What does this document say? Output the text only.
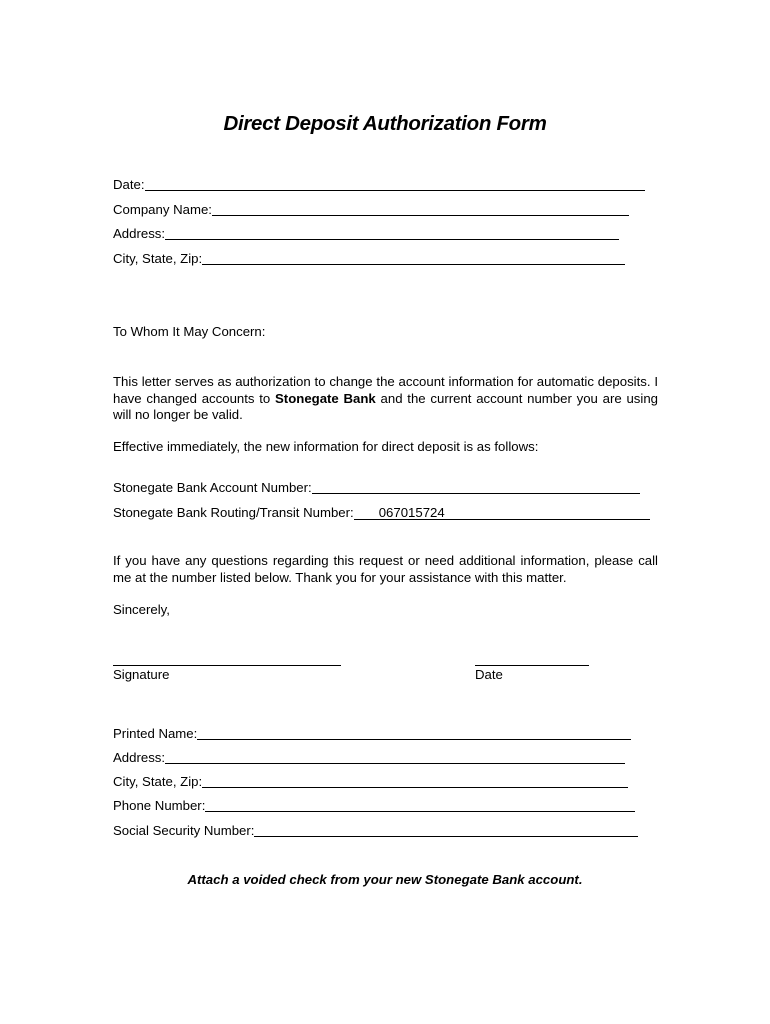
Direct Deposit Authorization Form
Date:
Company Name:
Address:
City, State, Zip:
To Whom It May Concern:
This letter serves as authorization to change the account information for automatic deposits. I have changed accounts to Stonegate Bank and the current account number you are using will no longer be valid.
Effective immediately, the new information for direct deposit is as follows:
Stonegate Bank Account Number:
Stonegate Bank Routing/Transit Number: 067015724
If you have any questions regarding this request or need additional information, please call me at the number listed below. Thank you for your assistance with this matter.
Sincerely,
Signature	Date
Printed Name:
Address:
City, State, Zip:
Phone Number:
Social Security Number:
Attach a voided check from your new Stonegate Bank account.
